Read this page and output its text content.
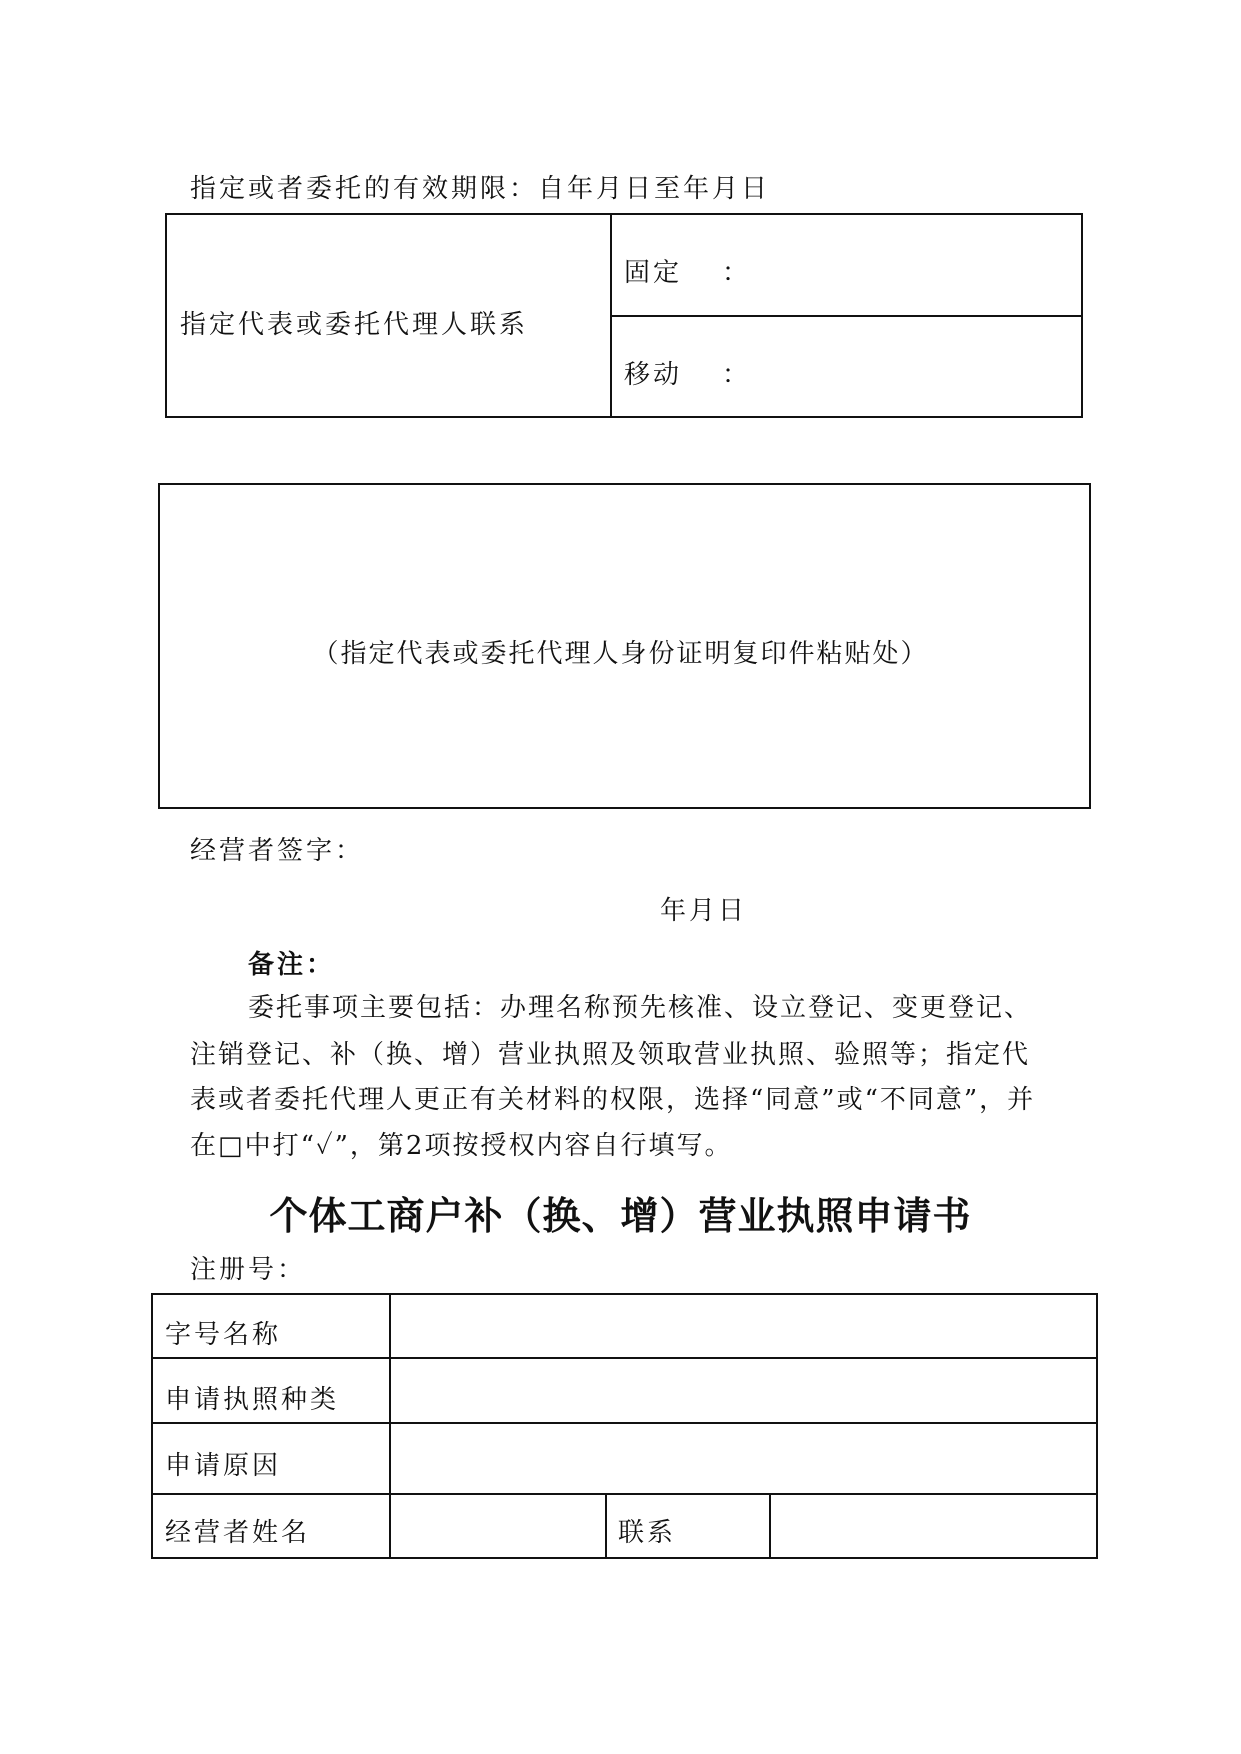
指定或者委托的有效期限：自年月日至年月日
指定代表或委托代理人联系
固定 ：
移动 ：
（指定代表或委托代理人身份证明复印件粘贴处）
经营者签字：
年月日
备注：
委托事项主要包括：办理名称预先核准、设立登记、变更登记、
注销登记、补（换、增）营业执照及领取营业执照、验照等；指定代
表或者委托代理人更正有关材料的权限，选择“同意”或“不同意”，并
在□中打“✓”，第2项按授权内容自行填写。
个体工商户补（换、增）营业执照申请书
注册号：
字号名称
申请执照种类
申请原因
经营者姓名	联系
